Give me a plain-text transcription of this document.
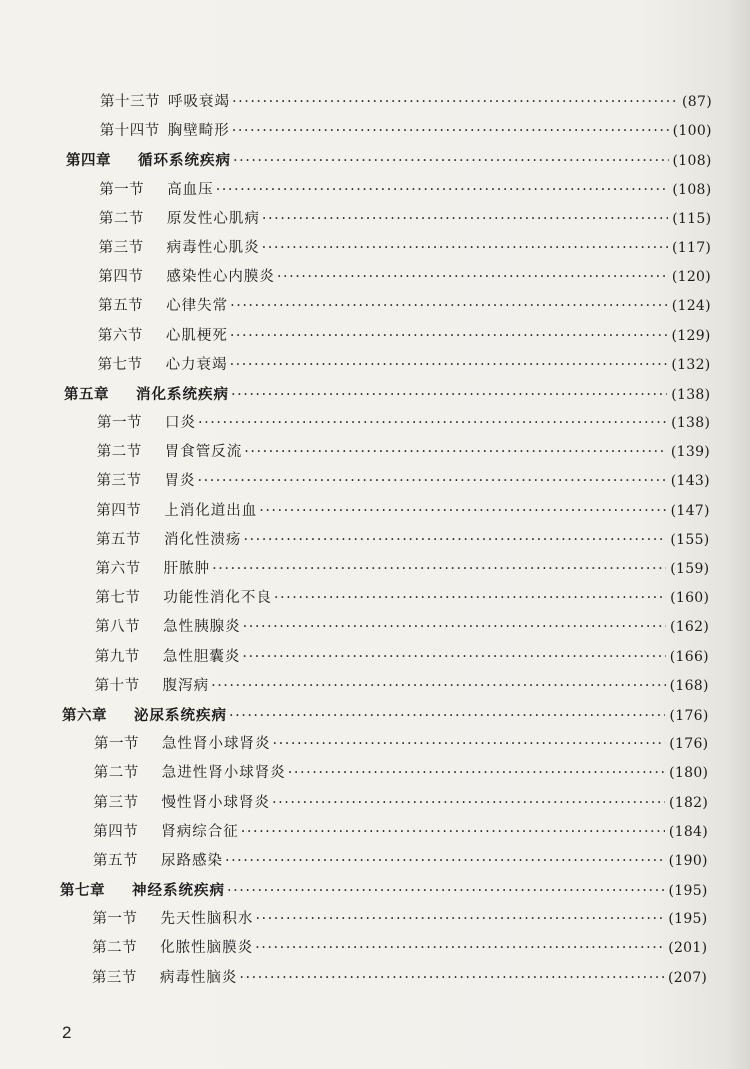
第十三节 呼吸衰竭 ·····	(87)
第十四节 胸壁畸形 ·····	(100)
第四章	循环系统疾病 ·····	(108)
第一节	高血压 ·····	(108)
第二节	原发性心肌病 ·····	(115)
第三节	病毒性心肌炎 ·····	(117)
第四节	感染性心内膜炎 ·····	(120)
第五节	心律失常 ·····	(124)
第六节	心肌梗死 ·····	(129)
第七节	心力衰竭 ·····	(132)
第五章	消化系统疾病 ·····	(138)
第一节	口炎 ·····	(138)
第二节	胃食管反流 ·····	(139)
第三节	胃炎 ·····	(143)
第四节	上消化道出血 ·····	(147)
第五节	消化性溃疡 ·····	(155)
第六节	肝脓肿 ·····	(159)
第七节	功能性消化不良 ·····	(160)
第八节	急性胰腺炎 ·····	(162)
第九节	急性胆囊炎 ·····	(166)
第十节	腹泻病 ·····	(168)
第六章	泌尿系统疾病 ·····	(176)
第一节	急性肾小球肾炎 ·····	(176)
第二节	急进性肾小球肾炎 ·····	(180)
第三节	慢性肾小球肾炎 ·····	(182)
第四节	肾病综合征 ·····	(184)
第五节	尿路感染 ·····	(190)
第七章	神经系统疾病 ·····	(195)
第一节	先天性脑积水 ·····	(195)
第二节	化脓性脑膜炎 ·····	(201)
第三节	病毒性脑炎 ·····	(207)
2
